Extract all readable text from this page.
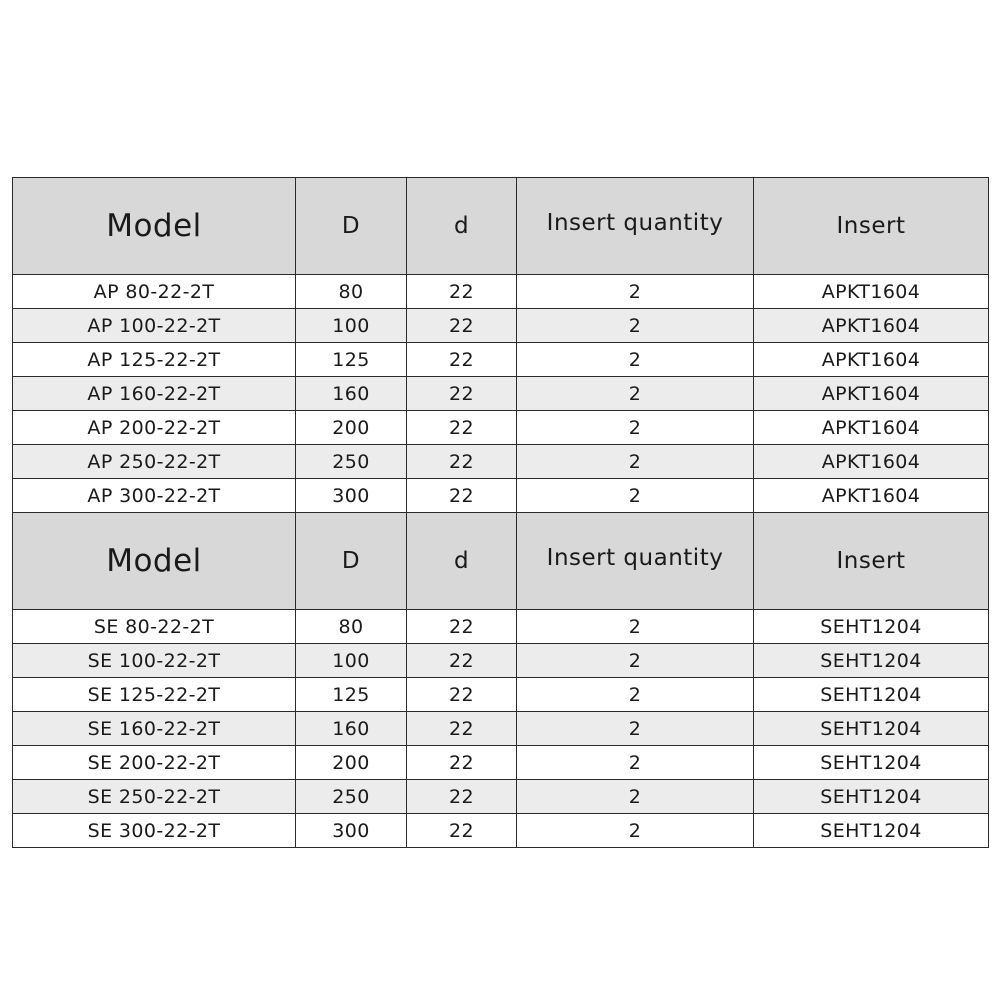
Model	D	d	Insert quantity	Insert
AP 80-22-2T	80	22	2	APKT1604
AP 100-22-2T	100	22	2	APKT1604
AP 125-22-2T	125	22	2	APKT1604
AP 160-22-2T	160	22	2	APKT1604
AP 200-22-2T	200	22	2	APKT1604
AP 250-22-2T	250	22	2	APKT1604
AP 300-22-2T	300	22	2	APKT1604
Model	D	d	Insert quantity	Insert
SE 80-22-2T	80	22	2	SEHT1204
SE 100-22-2T	100	22	2	SEHT1204
SE 125-22-2T	125	22	2	SEHT1204
SE 160-22-2T	160	22	2	SEHT1204
SE 200-22-2T	200	22	2	SEHT1204
SE 250-22-2T	250	22	2	SEHT1204
SE 300-22-2T	300	22	2	SEHT1204
